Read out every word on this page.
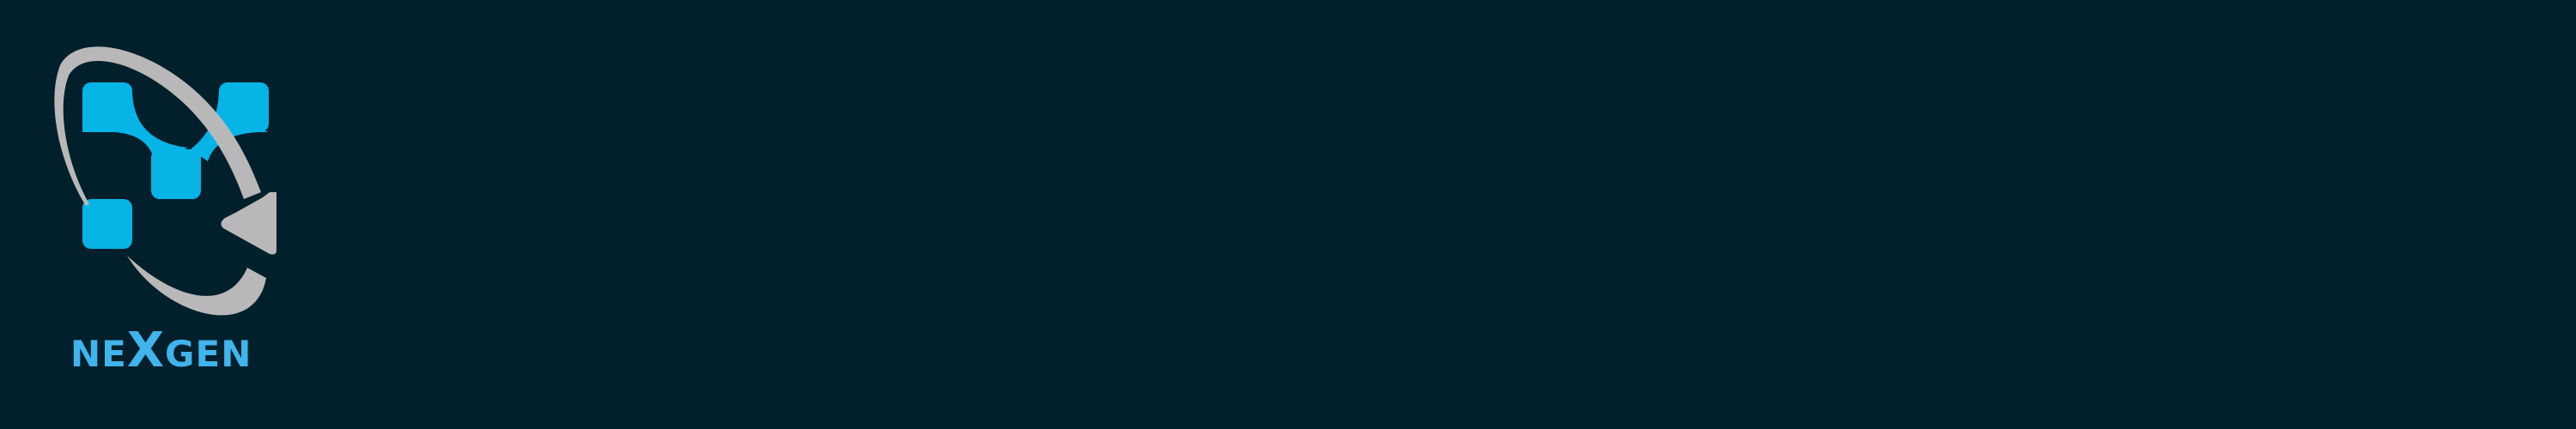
NEXGEN
